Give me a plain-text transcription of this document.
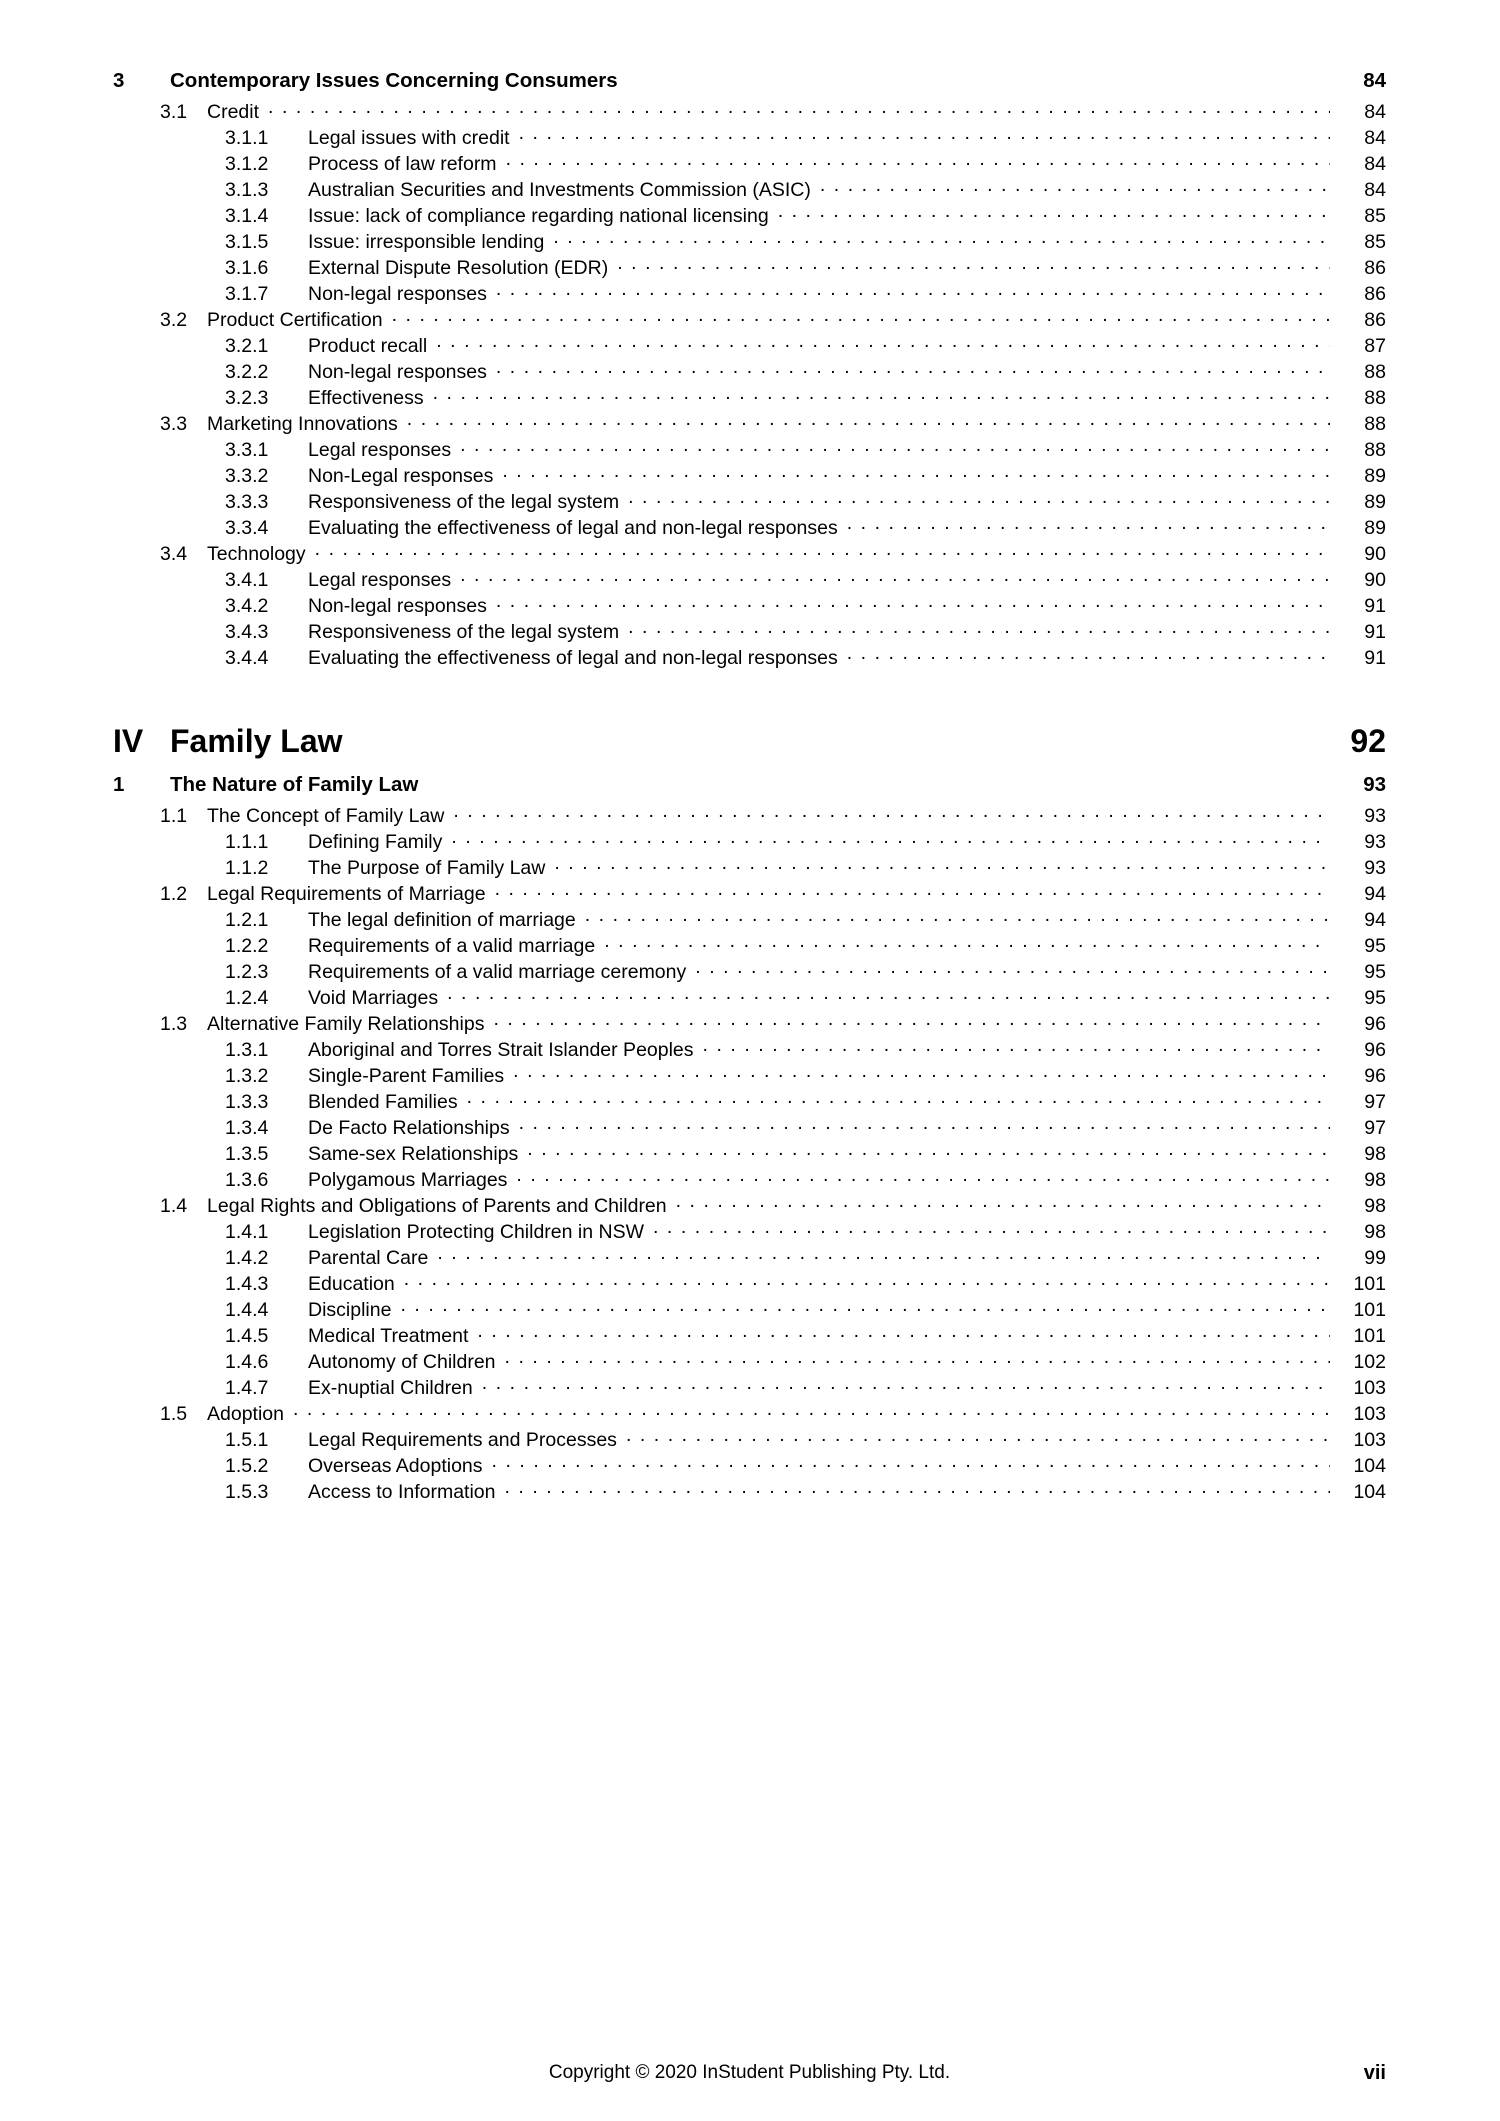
3	Contemporary Issues Concerning Consumers	84
3.1	Credit . . .	84
3.1.1	Legal issues with credit . . .	84
3.1.2	Process of law reform . . .	84
3.1.3	Australian Securities and Investments Commission (ASIC) . . .	84
3.1.4	Issue: lack of compliance regarding national licensing . . .	85
3.1.5	Issue: irresponsible lending . . .	85
3.1.6	External Dispute Resolution (EDR) . . .	86
3.1.7	Non-legal responses . . .	86
3.2	Product Certification . . .	86
3.2.1	Product recall . . .	87
3.2.2	Non-legal responses . . .	88
3.2.3	Effectiveness . . .	88
3.3	Marketing Innovations . . .	88
3.3.1	Legal responses . . .	88
3.3.2	Non-Legal responses . . .	89
3.3.3	Responsiveness of the legal system . . .	89
3.3.4	Evaluating the effectiveness of legal and non-legal responses . . .	89
3.4	Technology . . .	90
3.4.1	Legal responses . . .	90
3.4.2	Non-legal responses . . .	91
3.4.3	Responsiveness of the legal system . . .	91
3.4.4	Evaluating the effectiveness of legal and non-legal responses . . .	91
IV Family Law	92
1	The Nature of Family Law	93
1.1	The Concept of Family Law . . .	93
1.1.1	Defining Family . . .	93
1.1.2	The Purpose of Family Law . . .	93
1.2	Legal Requirements of Marriage . . .	94
1.2.1	The legal definition of marriage . . .	94
1.2.2	Requirements of a valid marriage . . .	95
1.2.3	Requirements of a valid marriage ceremony . . .	95
1.2.4	Void Marriages . . .	95
1.3	Alternative Family Relationships . . .	96
1.3.1	Aboriginal and Torres Strait Islander Peoples . . .	96
1.3.2	Single-Parent Families . . .	96
1.3.3	Blended Families . . .	97
1.3.4	De Facto Relationships . . .	97
1.3.5	Same-sex Relationships . . .	98
1.3.6	Polygamous Marriages . . .	98
1.4	Legal Rights and Obligations of Parents and Children . . .	98
1.4.1	Legislation Protecting Children in NSW . . .	98
1.4.2	Parental Care . . .	99
1.4.3	Education . . .	101
1.4.4	Discipline . . .	101
1.4.5	Medical Treatment . . .	101
1.4.6	Autonomy of Children . . .	102
1.4.7	Ex-nuptial Children . . .	103
1.5	Adoption . . .	103
1.5.1	Legal Requirements and Processes . . .	103
1.5.2	Overseas Adoptions . . .	104
1.5.3	Access to Information . . .	104
Copyright © 2020 InStudent Publishing Pty. Ltd.	vii
